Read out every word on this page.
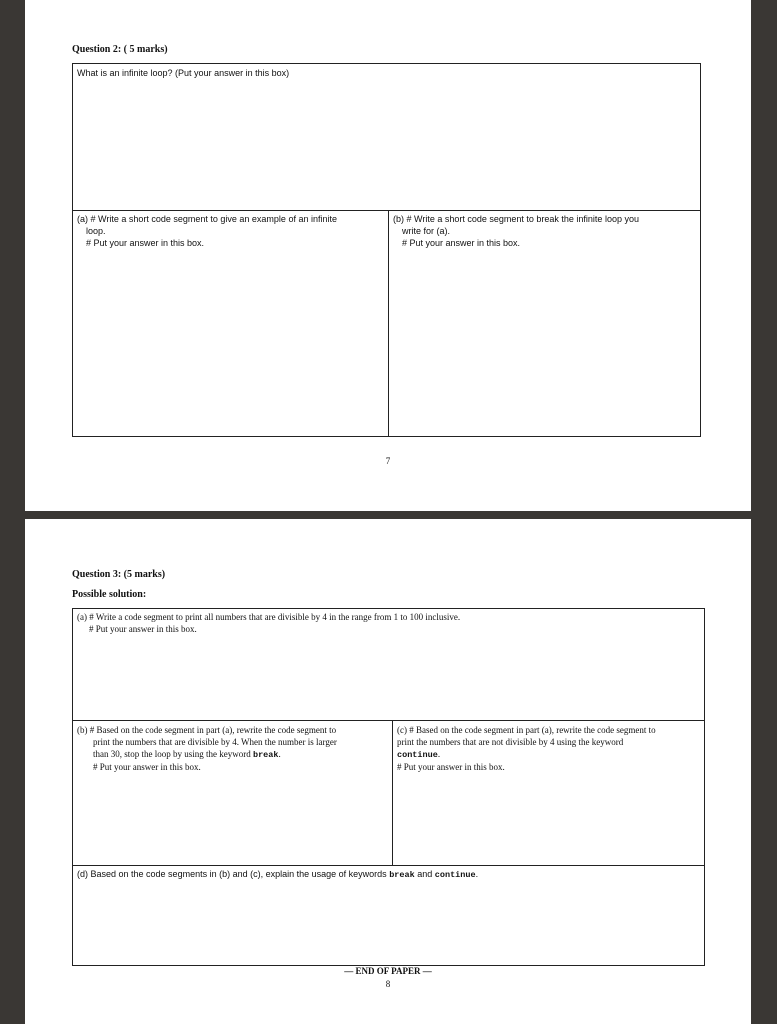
Question 2: ( 5 marks)
What is an infinite loop? (Put your answer in this box)
(a) # Write a short code segment to give an example of an infinite
loop.
# Put your answer in this box.
(b) # Write a short code segment to break the infinite loop you
write for (a).
# Put your answer in this box.
7
Question 3: (5 marks)
Possible solution:
(a) # Write a code segment to print all numbers that are divisible by 4 in the range from 1 to 100 inclusive.
# Put your answer in this box.
(b) # Based on the code segment in part (a), rewrite the code segment to
print the numbers that are divisible by 4. When the number is larger
than 30, stop the loop by using the keyword break.
# Put your answer in this box.
(c) # Based on the code segment in part (a), rewrite the code segment to
print the numbers that are not divisible by 4 using the keyword
continue.
# Put your answer in this box.
(d) Based on the code segments in (b) and (c), explain the usage of keywords break and continue.
— END OF PAPER —
8
